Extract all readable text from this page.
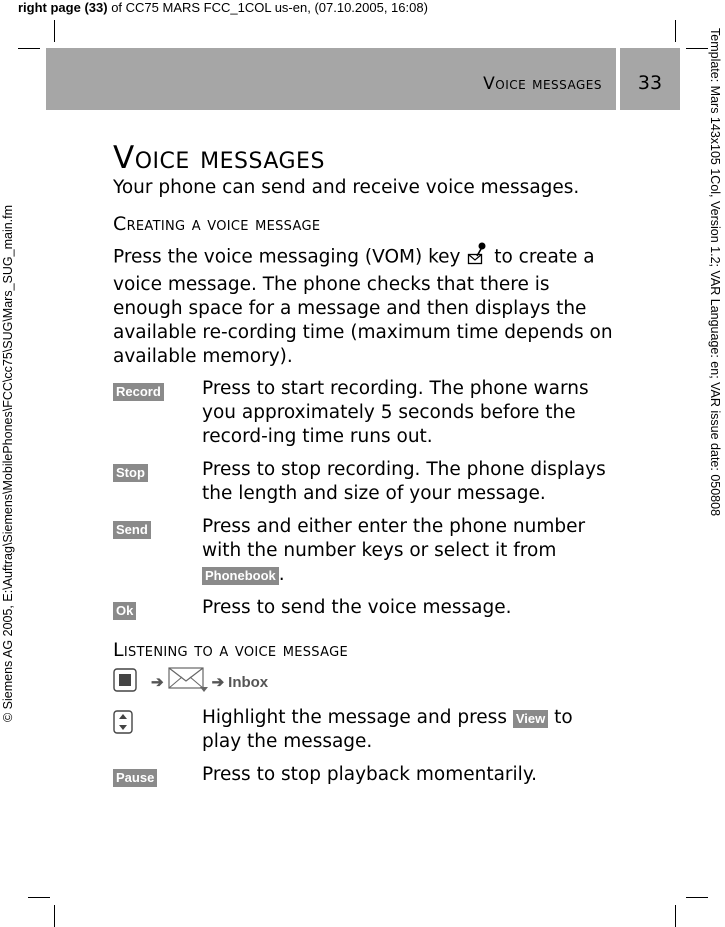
right page (33) of CC75 MARS FCC_1COL us-en, (07.10.2005, 16:08)
© Siemens AG 2005, E:\Auftrag\Siemens\MobilePhones\FCC\cc75\SUG\Mars_SUG_main.fm	Template: Mars 143x105 1Col, Version 1.2; VAR Language: en; VAR issue date: 050808
Voice messages	33
Voice messages
Your phone can send and receive voice messages.
Creating a voice message

Press the voice messaging (VOM) key to create a voice message. The phone checks that there is enough space for a message and then displays the available re-cording time (maximum time depends on available memory).

Record	Press to start recording. The phone warns you approximately 5 seconds before the record-ing time runs out.
Stop	Press to stop recording. The phone displays the length and size of your message.
Send	Press and either enter the phone number with the number keys or select it from Phonebook .
Ok	Press to send the voice message.
Listening to a voice message
➔	➔ Inbox
Highlight the message and press View to play the message.
Pause	Press to stop playback momentarily.
